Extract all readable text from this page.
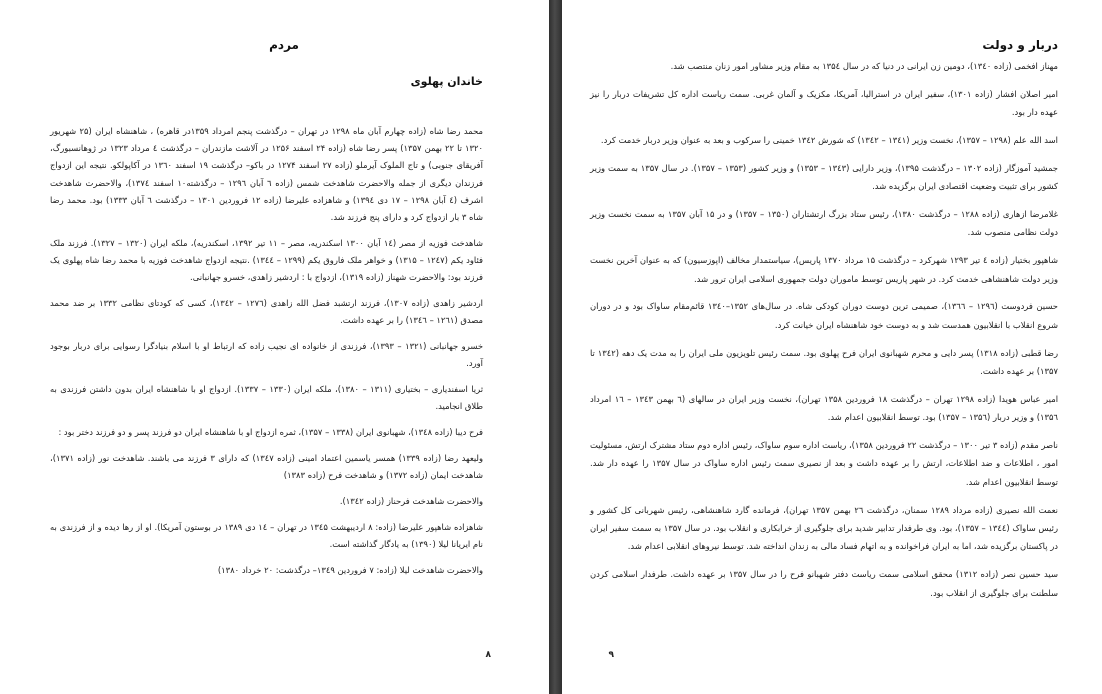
مردم
خاندان پهلوی

محمد رضا شاه (زاده چهارم آبان ماه ۱۲۹۸ در تهران – درگذشت پنجم امرداد ۱۳۵۹در قاهره) ، شاهنشاه ایران (۲۵ شهریور ۱۳۲۰ تا ۲۲ بهمن ۱۳۵۷) پسر رضا شاه (زاده ۲۴ اسفند ۱۲۵۶ در آلاشت مازندران – درگذشت ٤ مرداد ۱۳۲۳ در ژوهانسبورگ، آفریقای جنوبی) و تاج الملوک آیرملو (زاده ۲۷ اسفند ۱۲۷۴ در باکو– درگذشت ۱۹ اسفند ۱۳٦۰ در آکاپولکو. نتیجه این ازدواج فرزندان دیگری از جمله والاحضرت شاهدخت شمس (زاده ٦ آبان ۱۲۹٦ – درگذشته۱۰ اسفند ۱۳۷٤)، والاحضرت شاهدخت اشرف (٤ آبان ۱۲۹۸ – ۱۷ دی ۱۳۹٤) و شاهزاده علیرضا (زاده ۱۲ فروردین ۱۳۰۱ – درگذشت ٦ آبان ۱۳۳۳) بود. محمد رضا شاه ۳ بار ازدواج کرد و دارای پنج فرزند شد.

شاهدخت فوزیه از مصر (۱٤ آبان ۱۳۰۰ اسکندریه، مصر – ۱۱ تیر ۱۳۹۲، اسکندریه)، ملکه ایران (۱۳۲۰ – ۱۳۲۷). فرزند ملک فئاود یکم (۱۲٤۷ – ۱۳۱۵) و خواهر ملک فاروق یکم (۱۲۹۹ – ۱۳٤٤) .نتیجه ازدواج شاهدخت فوزیه با محمد رضا شاه پهلوی یک فرزند بود: والاحضرت شهناز (زاده ۱۳۱۹)، ازدواج با : اردشیر زاهدی، خسرو جهانبانی.

اردشیر زاهدی (زاده ۱۳۰۷)، فرزند ارتشبد فضل الله زاهدی (۱۲۷٦ – ۱۳٤۲)، کسی که کودتای نظامی ۱۳۳۲ بر ضد محمد مصدق (۱۲٦۱ – ۱۳٤٦) را بر عهده داشت.

خسرو جهانبانی (۱۳۲۱ – ۱۳۹۳)، فرزندی از خانواده ای نجیب زاده که ارتباط او با اسلام بنیادگرا رسوایی برای دربار بوجود آورد.

ثریا اسفندیاری – بختیاری (۱۳۱۱ – ۱۳۸۰)، ملکه ایران (۱۳۳۰ – ۱۳۳۷). ازدواج او با شاهنشاه ایران بدون داشتن فرزندی به طلاق انجامید.

فرح دیبا (زاده ۱۳٤۸)، شهبانوی ایران (۱۳۳۸ – ۱۳۵۷)، ثمره ازدواج او با شاهنشاه ایران دو فرزند پسر و دو فرزند دختر بود :

ولیعهد رضا (زاده ۱۳۳۹) همسر یاسمین اعتماد امینی (زاده ۱۳٤۷) که دارای ۳ فرزند می باشند. شاهدخت نور (زاده ۱۳۷۱)، شاهدخت ایمان (زاده ۱۳۷۲) و شاهدخت فرح (زاده ۱۳۸۳)

والاحضرت شاهدخت فرحناز (زاده ۱۳٤۲).

شاهزاده شاهپور علیرضا (زاده: ۸ اردیبهشت ۱۳٤۵ در تهران – ۱٤ دی ۱۳۸۹ در بوستون آمریکا). او از رها دیده و از فرزندی به نام ایریانا لیلا (۱۳۹۰) به یادگار گذاشته است.

والاحضرت شاهدخت لیلا (زاده: ۷ فروردین ۱۳٤۹– درگذشت: ۲۰ خرداد ۱۳۸۰)

۸
دربار و دولت

مهناز افخمی (زاده ۱۳٤۰)، دومین زن ایرانی در دنیا که در سال ۱۳۵٤ به مقام وزیر مشاور امور زنان منتصب شد.

امیر اصلان افشار (زاده ۱۳۰۱)، سفیر ایران در استرالیا، آمریکا، مکزیک و آلمان غربی. سمت ریاست اداره کل تشریفات دربار را نیز عهده دار بود.

اسد الله علم (۱۲۹۸ – ۱۳۵۷)، نخست وزیر (۱۳٤۱ – ۱۳٤۲) که شورش ۱۳٤۲ خمینی را سرکوب و بعد به عنوان وزیر دربار خدمت کرد.

جمشید آموزگار (زاده ۱۳۰۲ – درگذشت ۱۳۹۵)، وزیر دارایی (۱۳٤۳ – ۱۳۵۳) و وزیر کشور (۱۳۵۳ – ۱۳۵۷). در سال ۱۳۵۷ به سمت وزیر کشور برای تثبیت وضعیت اقتصادی ایران برگزیده شد.

غلامرضا ازهاری (زاده ۱۲۸۸ – درگذشت ۱۳۸۰)، رئیس ستاد بزرگ ارتشتاران (۱۳۵۰ – ۱۳۵۷) و در ۱۵ آبان ۱۳۵۷ به سمت نخست وزیر دولت نظامی منصوب شد.

شاهپور بختیار (زاده ٤ تیر ۱۲۹۳ شهرکرد – درگذشت ۱۵ مرداد ۱۳۷۰ پاریس)، سیاستمدار مخالف (اپوزسیون) که به عنوان آخرین نخست وزیر دولت شاهنشاهی خدمت کرد. در شهر پاریس توسط ماموران دولت جمهوری اسلامی ایران ترور شد.

حسین فردوست (۱۲۹٦ – ۱۳٦٦)، صمیمی ترین دوست دوران کودکی شاه. در سال‌های ۱۳۵۲–۱۳٤۰ قائم‌مقام ساواک بود و در دوران شروع انقلاب با انقلابیون همدست شد و به دوست خود شاهنشاه ایران خیانت کرد.

رضا قطبی (زاده ۱۳۱۸) پسر دایی و محرم شهبانوی ایران فرح پهلوی بود. سمت رئیس تلویزیون ملی ایران را به مدت یک دهه (۱۳٤۲ تا ۱۳۵۷) بر عهده داشت.

امیر عباس هویدا (زاده ۱۲۹۸ تهران – درگذشت ۱۸ فروردین ۱۳۵۸ تهران)، نخست وزیر ایران در سالهای (٦ بهمن ۱۳٤۳ – ۱٦ امرداد ۱۳۵٦) و وزیر دربار (۱۳۵٦ – ۱۳۵۷) بود. توسط انقلابیون اعدام شد.

ناصر مقدم (زاده ۳ تیر ۱۳۰۰ – درگذشت ۲۲ فروردین ۱۳۵۸)، ریاست اداره سوم ساواک، رئیس اداره دوم ستاد مشترک ارتش، مسئولیت امور ، اطلاعات و ضد اطلاعات، ارتش را بر عهده داشت و بعد از نصیری سمت رئیس اداره ساواک در سال ۱۳۵۷ را عهده دار شد. توسط انقلابیون اعدام شد.

نعمت الله نصیری (زاده مرداد ۱۲۸۹ سمنان، درگذشت ۲٦ بهمن ۱۳۵۷ تهران)، فرمانده گارد شاهنشاهی، رئیس شهربانی کل کشور و رئیس ساواک (۱۳٤٤ – ۱۳۵۷)، بود. وی طرفدار تدابیر شدید برای جلوگیری از خرابکاری و انقلاب بود. در سال ۱۳۵۷ به سمت سفیر ایران در پاکستان برگزیده شد، اما به ایران فراخوانده و به اتهام فساد مالی به زندان انداخته شد. توسط نیروهای انقلابی اعدام شد.

سید حسین نصر (زاده ۱۳۱۲) محقق اسلامی سمت ریاست دفتر شهبانو فرح را در سال ۱۳۵۷ بر عهده داشت. طرفدار اسلامی کردن سلطنت برای جلوگیری از انقلاب بود.

۹
